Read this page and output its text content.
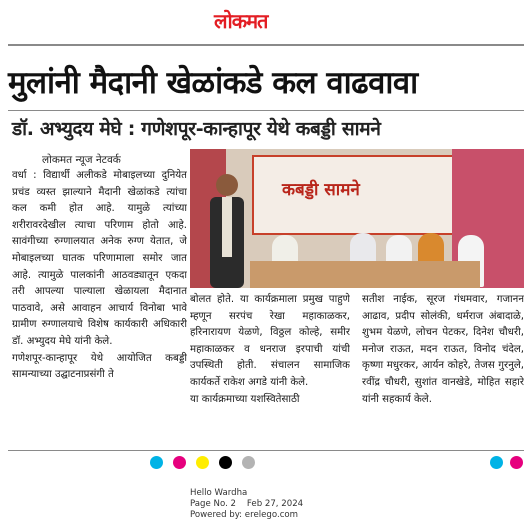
लोकमत
मुलांनी मैदानी खेळांकडे कल वाढवावा
डॉ. अभ्युदय मेघे : गणेशपूर-कान्हापूर येथे कबड्डी सामने
लोकमत न्यूज नेटवर्क
कबड्डी सामने
वर्धा : विद्यार्थी अलीकडे मोबाइलच्या दुनियेत प्रचंड व्यस्त झाल्याने मैदानी खेळांकडे त्यांचा कल कमी होत आहे. यामुळे त्यांच्या शरीरावरदेखील त्याचा परिणाम होतो आहे. सावंगीच्या रुग्णालयात अनेक रुग्ण येतात, जे मोबाइलच्या घातक परिणामाला समोर जात आहे. त्यामुळे पालकांनी आठवड्यातून एकदा तरी आपल्या पाल्याला खेळायला मैदानात पाठवावे, असे आवाहन आचार्य विनोबा भावे ग्रामीण रुग्णालयाचे विशेष कार्यकारी अधिकारी डॉ. अभ्युदय मेघे यांनी केले.
गणेशपूर-कान्हापूर येथे आयोजित कबड्डी सामन्याच्या उद्घाटनाप्रसंगी ते
बोलत होते. या कार्यक्रमाला प्रमुख पाहुणे म्हणून सरपंच रेखा महाकाळकर, हरिनारायण येळणे, विठ्ठल कोल्हे, समीर महाकाळकर व धनराज इरपाची यांची उपस्थिती होती. संचालन सामाजिक कार्यकर्ते राकेश अगडे यांनी केले.
या कार्यक्रमाच्या यशस्वितेसाठी
सतीश नाईक, सूरज गंधमवार, गजानन आढाव, प्रदीप सोलंकी, धर्मराज अंबादाळे, शुभम येळणे, लोचन पेटकर, दिनेश चौधरी, मनोज राऊत, मदन राऊत, विनोद चंदेल, कृष्णा मधुरकर, आर्यन कोहरे, तेजस गुरनुले, रवींद्र चौधरी, सुशांत वानखेडे, मोहित सहारे यांनी सहकार्य केले.
Hello Wardha
Page No. 2    Feb 27, 2024
Powered by: erelego.com
